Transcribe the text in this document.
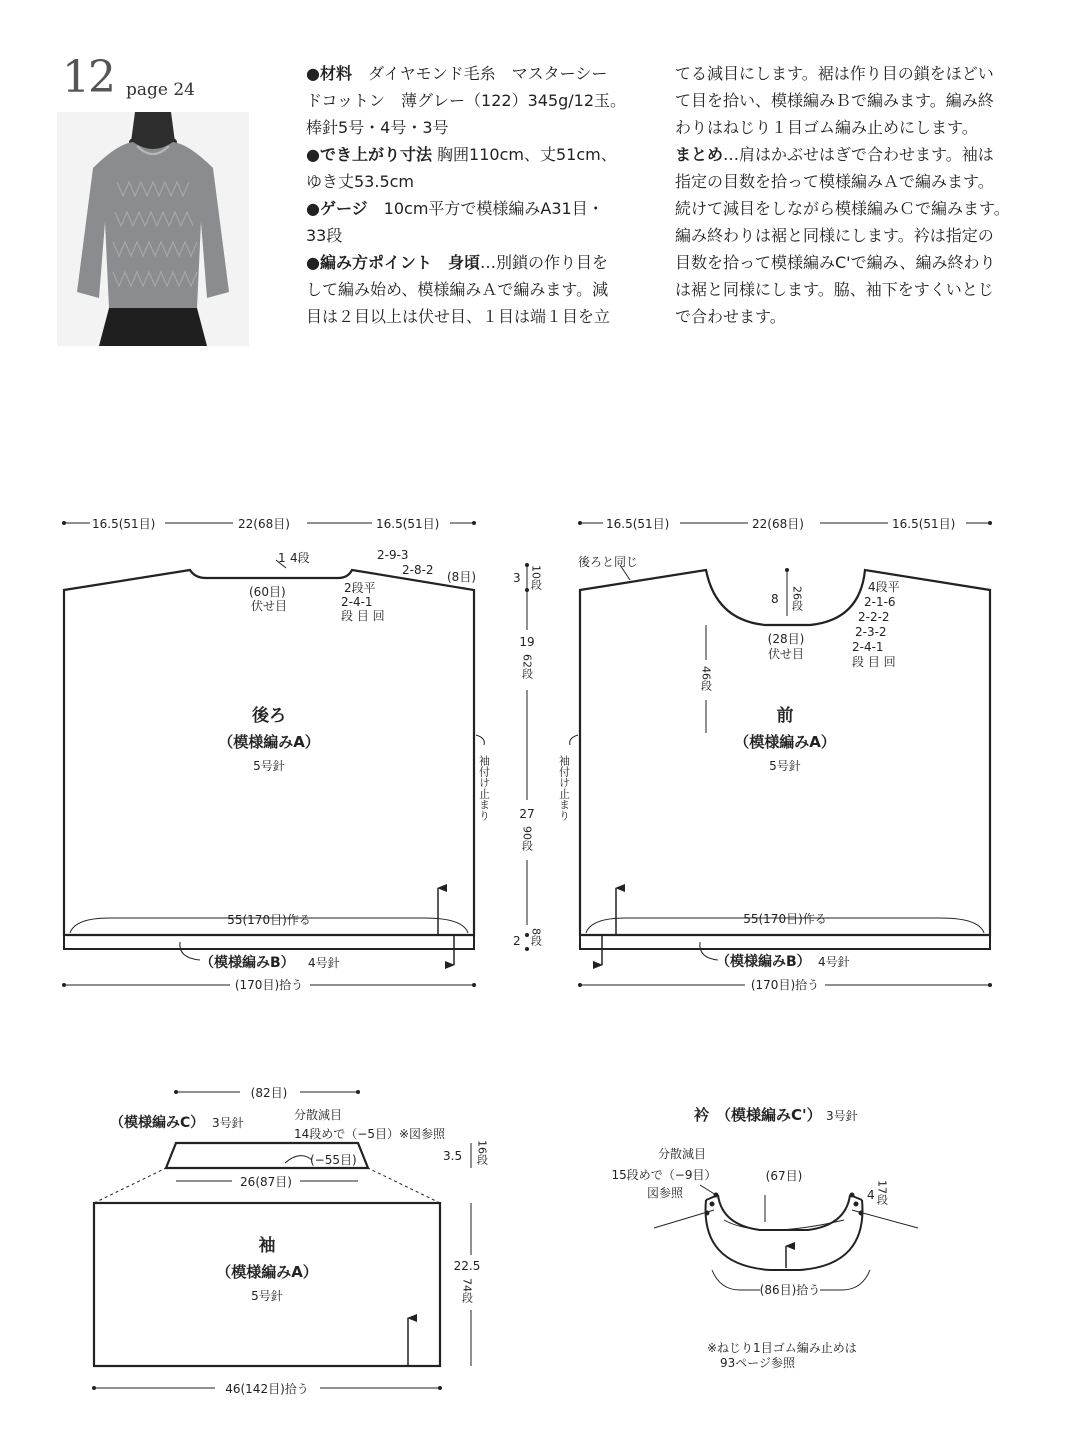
12 page 24
●材料　ダイヤモンド毛糸　マスターシー
ドコットン　薄グレー（122）345g/12玉。
棒針5号・4号・3号
●でき上がり寸法 胸囲110cm、丈51cm、
ゆき丈53.5cm
●ゲージ　10cm平方で模様編みA31目・
33段
●編み方ポイント　身頃…別鎖の作り目を
して編み始め、模様編みＡで編みます。減
目は２目以上は伏せ目、１目は端１目を立
てる減目にします。裾は作り目の鎖をほどい
て目を拾い、模様編みＢで編みます。編み終
わりはねじり１目ゴム編み止めにします。
まとめ…肩はかぶせはぎで合わせます。袖は
指定の目数を拾って模様編みＡで編みます。
続けて減目をしながら模様編みＣで編みます。
編み終わりは裾と同様にします。衿は指定の
目数を拾って模様編みC'で編み、編み終わり
は裾と同様にします。脇、袖下をすくいとじ
で合わせます。
16.5(51目)	22(68目)	16.5(51目)
1 4段
(60目)
伏せ目
2-9-3
2-8-2 (8目)
2段平
2-4-1
段 目 回
後ろ
（模様編みA）
5号針	袖付け止まり
55(170目)作る
（模様編みB） 4号針
(170目)拾う
3 10段
19
62段
27
90段
2 8段
16.5(51目)	22(68目)	16.5(51目)
後ろと同じ
8 26段
(28目)
伏せ目
4段平
2-1-6
2-2-2
2-3-2
2-4-1
段 目 回
46段
前
（模様編みA）
5号針
袖付け止まり
55(170目)作る
（模様編みB） 4号針
(170目)拾う
(82目)
（模様編みC） 3号針
分散減目
14段めで（−5目）※図参照
(−55目)
26(87目)
3.5 16段
袖
（模様編みA）
5号針
22.5
74段
46(142目)拾う
衿 （模様編みC'） 3号針
分散減目
15段めで（−9目）
図参照
(67目)
4 17段
(86目)拾う
※ねじり1目ゴム編み止めは
93ページ参照
